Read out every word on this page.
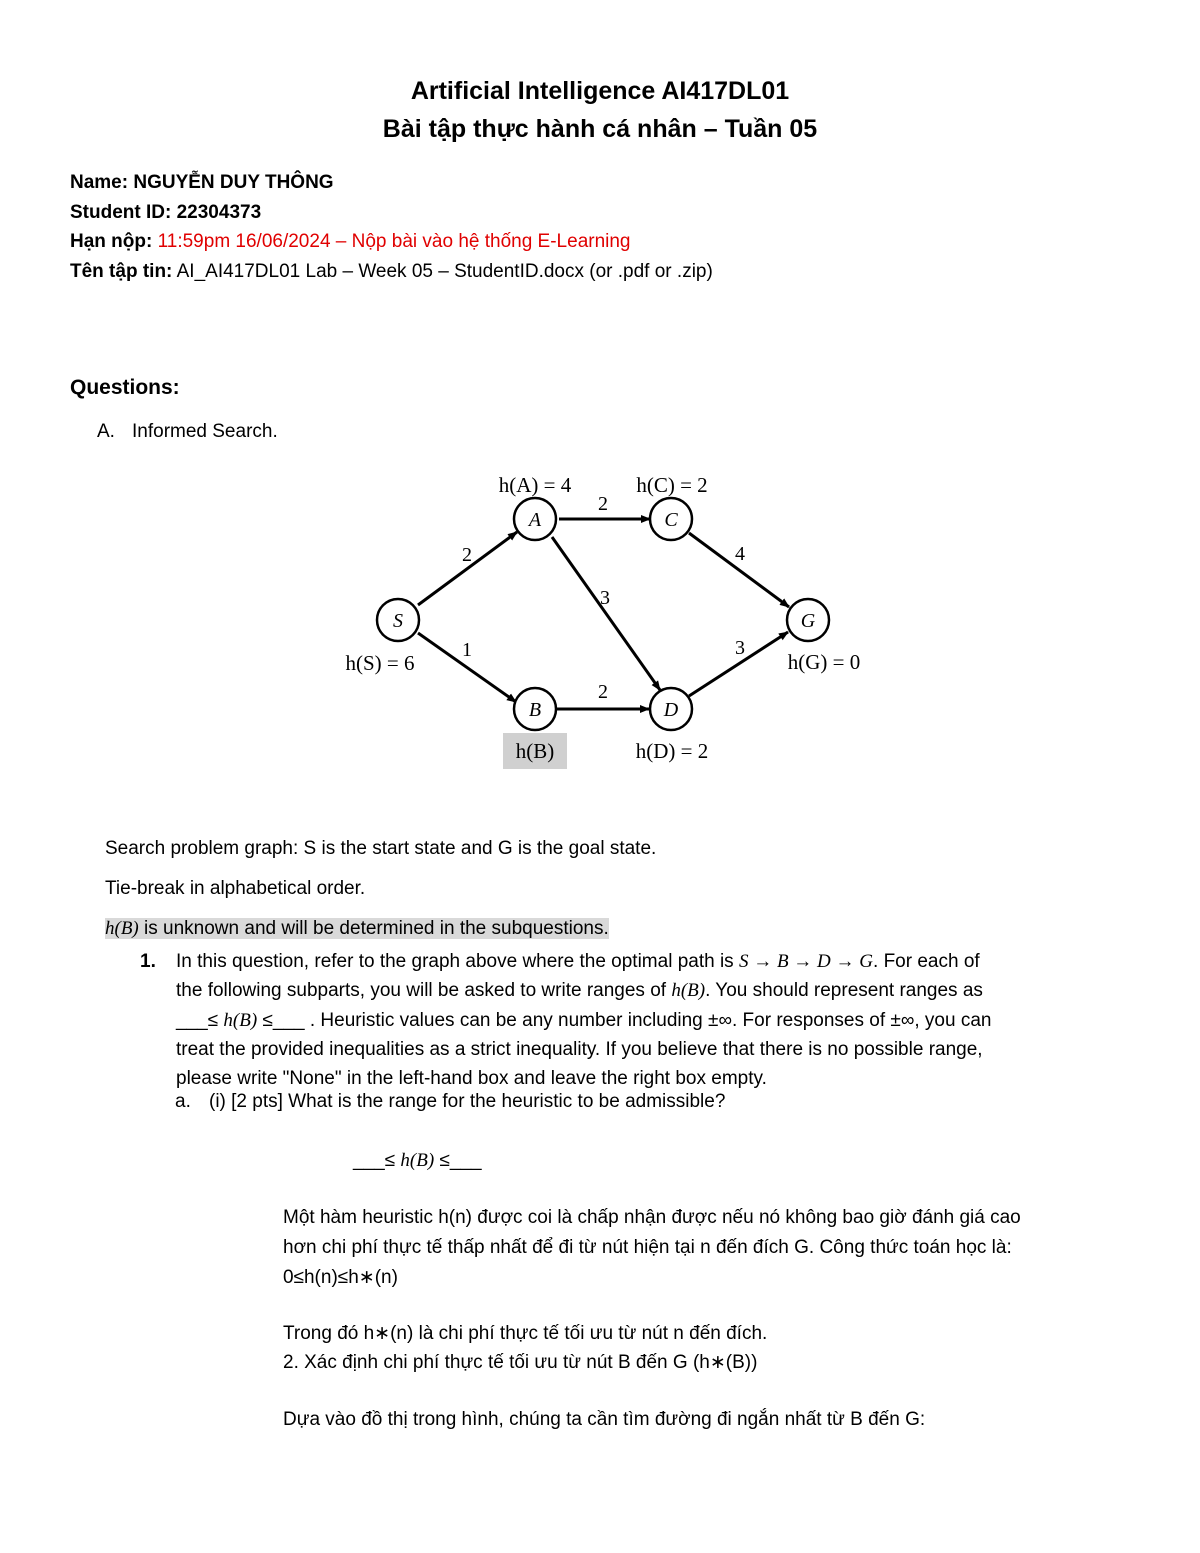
Artificial Intelligence AI417DL01
Bài tập thực hành cá nhân – Tuần 05
Name: NGUYỄN DUY THÔNG
Student ID: 22304373
Hạn nộp: 11:59pm 16/06/2024 – Nộp bài vào hệ thống E-Learning
Tên tập tin: AI_AI417DL01 Lab – Week 05 – StudentID.docx (or .pdf or .zip)
Questions:
A. Informed Search.
S
A
B
C
D
G
h(S) = 6
h(A) = 4
h(B)
h(C) = 2
h(D) = 2
h(G) = 0
2
1
2
3
2
4
3
Search problem graph: S is the start state and G is the goal state.
Tie-break in alphabetical order.
h(B) is unknown and will be determined in the subquestions.
1. In this question, refer to the graph above where the optimal path is S → B → D → G. For each of
the following subparts, you will be asked to write ranges of h(B). You should represent ranges as
___≤ h(B) ≤___ . Heuristic values can be any number including ±∞. For responses of ±∞, you can
treat the provided inequalities as a strict inequality. If you believe that there is no possible range,
please write "None" in the left-hand box and leave the right box empty.
a. (i) [2 pts] What is the range for the heuristic to be admissible?
___≤ h(B) ≤___
Một hàm heuristic h(n) được coi là chấp nhận được nếu nó không bao giờ đánh giá cao
hơn chi phí thực tế thấp nhất để đi từ nút hiện tại n đến đích G. Công thức toán học là:
0≤h(n)≤h∗(n)
Trong đó h∗(n) là chi phí thực tế tối ưu từ nút n đến đích.
2. Xác định chi phí thực tế tối ưu từ nút B đến G (h∗(B))
Dựa vào đồ thị trong hình, chúng ta cần tìm đường đi ngắn nhất từ B đến G:
